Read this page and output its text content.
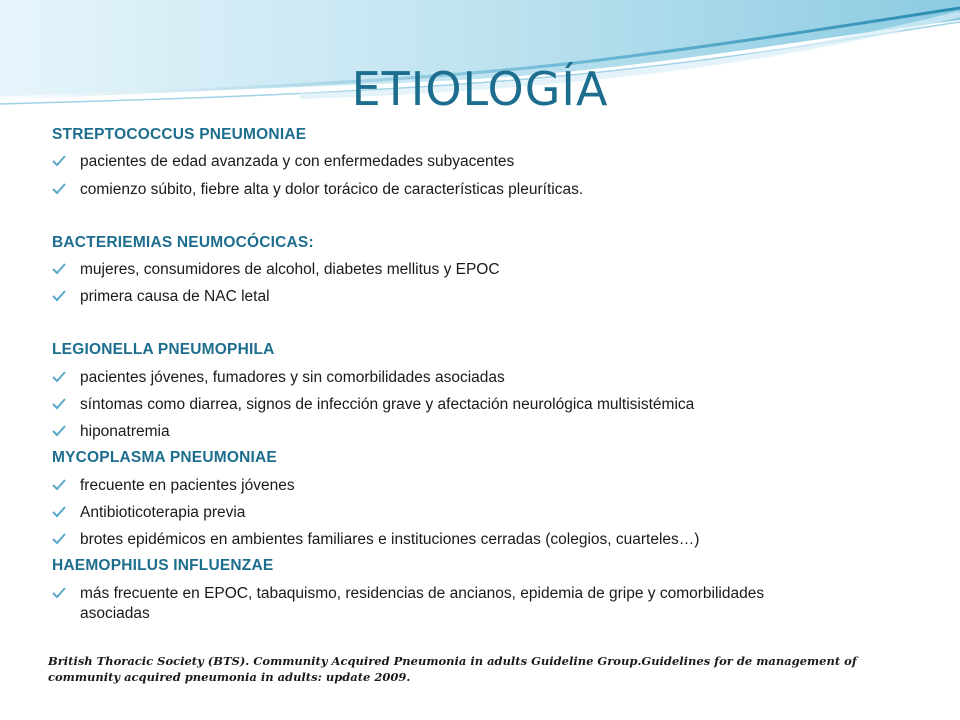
ETIOLOGÍA
STREPTOCOCCUS PNEUMONIAE
pacientes de edad avanzada y con enfermedades subyacentes
comienzo súbito, fiebre alta y dolor torácico de características pleuríticas.
BACTERIEMIAS NEUMOCÓCICAS:
mujeres, consumidores de alcohol, diabetes mellitus y EPOC
primera causa de NAC letal
LEGIONELLA PNEUMOPHILA
pacientes jóvenes, fumadores y sin comorbilidades asociadas
síntomas como diarrea, signos de infección grave y afectación neurológica multisistémica
hiponatremia
MYCOPLASMA PNEUMONIAE
frecuente en pacientes jóvenes
Antibioticoterapia previa
brotes epidémicos en ambientes familiares e instituciones cerradas (colegios, cuarteles…)
HAEMOPHILUS INFLUENZAE
más frecuente en EPOC, tabaquismo, residencias de ancianos, epidemia de gripe y comorbilidades asociadas
British Thoracic Society (BTS). Community Acquired Pneumonia in adults Guideline Group.Guidelines for de management of community acquired pneumonia in adults: update 2009.
